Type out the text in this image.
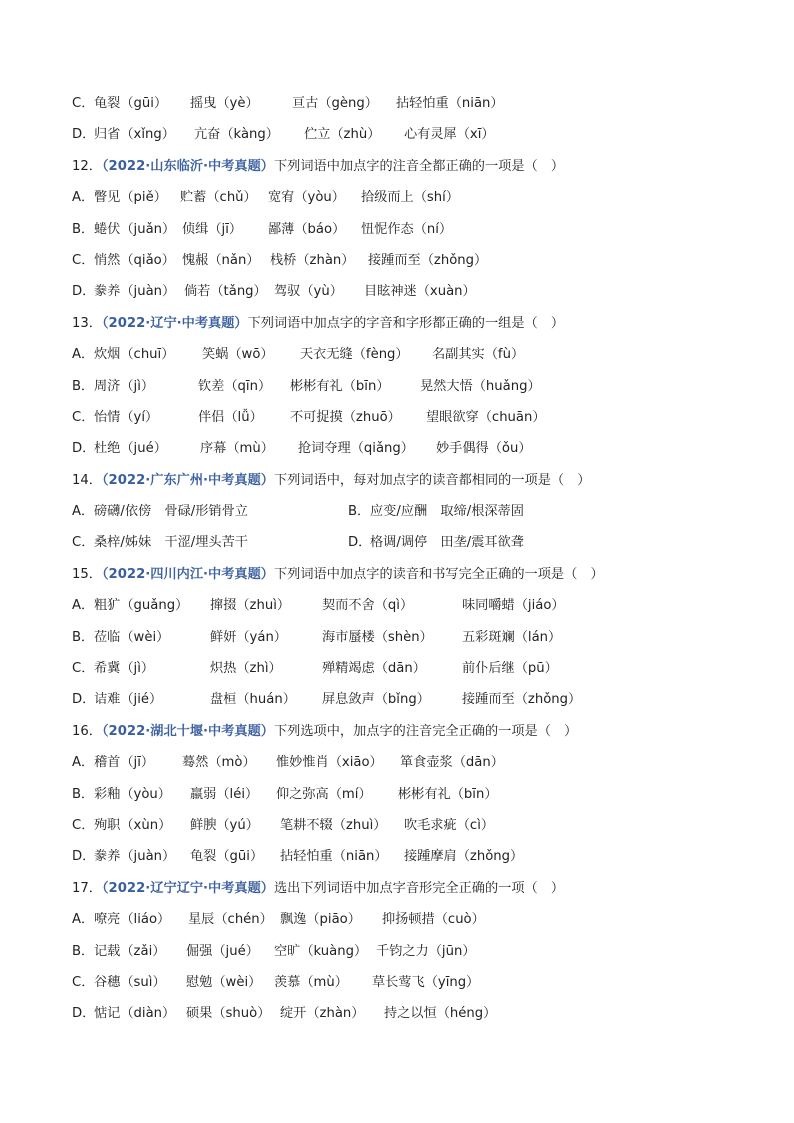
C．龟裂（gūi） 摇曳（yè）	亘古（gèng） 拈轻怕重（niān）
D．归省（xǐng） 亢奋（kàng） 伫立（zhù） 心有灵犀（xī）
12．（2022·山东临沂·中考真题）下列词语中加点字的注音全都正确的一项是（　）
A．瞥见（piě） 贮蓄（chǔ） 宽宥（yòu） 拾级而上（shí）
B．蜷伏（juǎn） 侦缉（jī） 鄙薄（báo） 忸怩作态（ní）
C．悄然（qiǎo） 愧赧（nǎn） 栈桥（zhàn） 接踵而至（zhǒng）
D．豢养（juàn） 倘若（tǎng） 驾驭（yù） 目眩神迷（xuàn）
13．（2022·辽宁·中考真题）下列词语中加点字的字音和字形都正确的一组是（　）
A．炊烟（chuī） 笑蜗（wō） 天衣无缝（fèng） 名副其实（fù）
B．周济（jì）	钦差（qīn） 彬彬有礼（bīn） 晃然大悟（huǎng）
C．怡情（yí）	伴侣（lǚ） 不可捉摸（zhuō） 望眼欲穿（chuān）
D．杜绝（jué）	序幕（mù） 抢词夺理（qiǎng） 妙手偶得（ǒu）
14．（2022·广东广州·中考真题）下列词语中，每对加点字的读音都相同的一项是（　）
A．磅礴/依傍　骨碌/形销骨立	B．应变/应酬　取缔/根深蒂固
C．桑梓/姊妹　干涩/埋头苦干	D．格调/调停　田垄/震耳欲聋
15．（2022·四川内江·中考真题）下列词语中加点字的读音和书写完全正确的一项是（　）
A．粗犷（guǎng） 撺掇（zhuì） 契而不舍（qì）	味同嚼蜡（jiáo）
B．莅临（wèi）	鲜妍（yán）	海市蜃楼（shèn） 五彩斑斓（lán）
C．希冀（jì）	炽热（zhì）	殚精竭虑（dān）	前仆后继（pū）
D．诘难（jié）	盘桓（huán） 屏息敛声（bǐng） 接踵而至（zhǒng）
16．（2022·湖北十堰·中考真题）下列选项中，加点字的注音完全正确的一项是（　）
A．稽首（jī） 蓦然（mò） 惟妙惟肖（xiāo） 箪食壶浆（dān）
B．彩釉（yòu） 羸弱（léi） 仰之弥高（mí） 彬彬有礼（bīn）
C．殉职（xùn） 鲜腴（yú） 笔耕不辍（zhuì） 吹毛求疵（cì）
D．豢养（juàn） 龟裂（gūi） 拈轻怕重（niān） 接踵摩肩（zhǒng）
17．（2022·辽宁辽宁·中考真题）选出下列词语中加点字音形完全正确的一项（　）
A．嘹亮（liáo） 星辰（chén） 飘逸（piāo） 抑扬顿措（cuò）
B．记载（zǎi） 倔强（jué） 空旷（kuàng） 千钧之力（jūn）
C．谷穗（suì） 慰勉（wèi） 羡慕（mù） 草长莺飞（yīng）
D．惦记（diàn） 硕果（shuò） 绽开（zhàn） 持之以恒（héng）
